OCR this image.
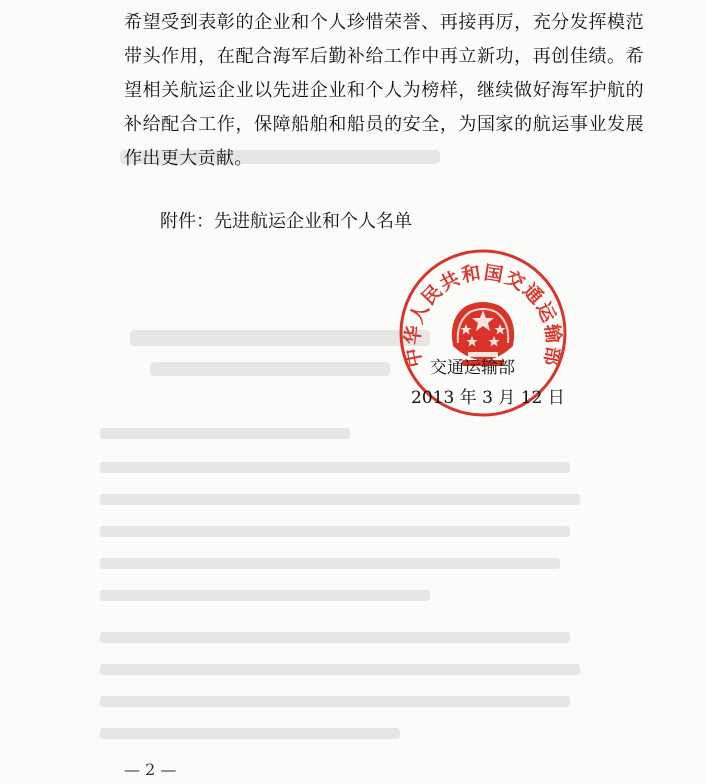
希望受到表彰的企业和个人珍惜荣誉、再接再厉，充分发挥模范带头作用，在配合海军后勤补给工作中再立新功，再创佳绩。希望相关航运企业以先进企业和个人为榜样，继续做好海军护航的补给配合工作，保障船舶和船员的安全，为国家的航运事业发展作出更大贡献。

附件：先进航运企业和个人名单

中华人民共和国交通运输部
交通运输部
2013 年 3 月 12 日
— 2 —
